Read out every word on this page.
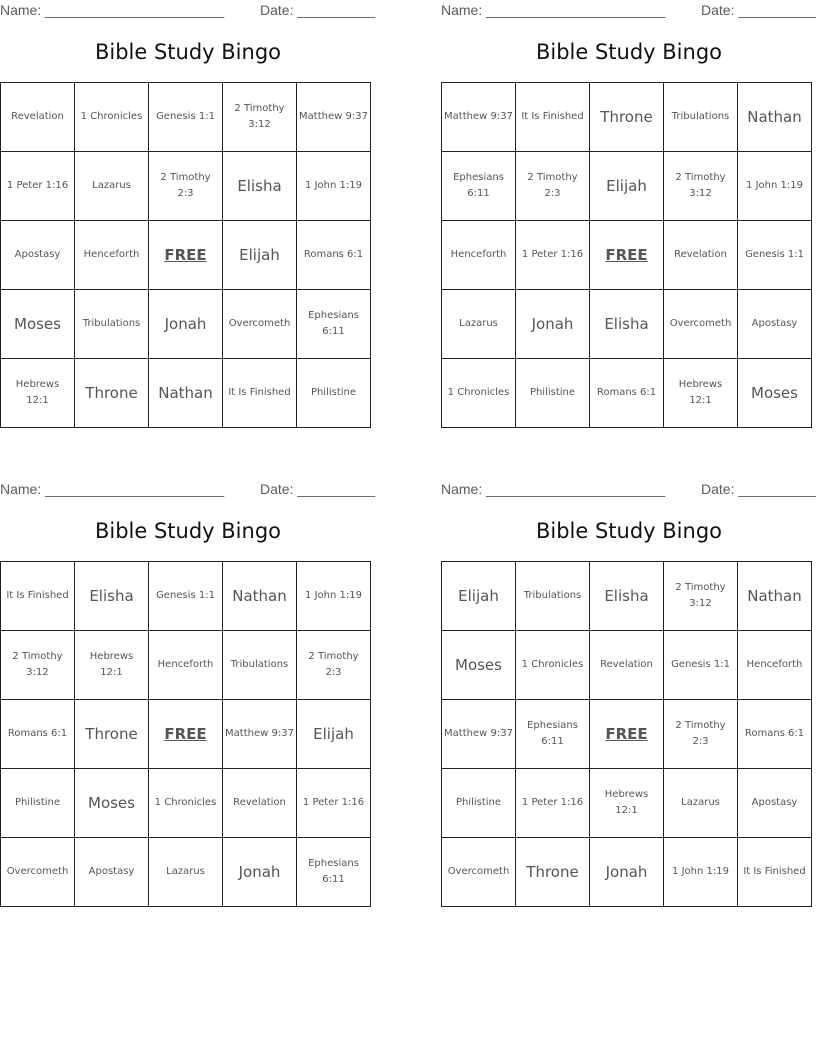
Name: _______________________	Date: __________
Bible Study Bingo
Revelation	1 Chronicles	Genesis 1:1	2 Timothy 3:12	Matthew 9:37
1 Peter 1:16	Lazarus	2 Timothy 2:3	Elisha	1 John 1:19
Apostasy	Henceforth	FREE	Elijah	Romans 6:1
Moses	Tribulations	Jonah	Overcometh	Ephesians 6:11
Hebrews 12:1	Throne	Nathan	It Is Finished	Philistine
Name: _______________________	Date: __________
Bible Study Bingo
Matthew 9:37	It Is Finished	Throne	Tribulations	Nathan
Ephesians 6:11	2 Timothy 2:3	Elijah	2 Timothy 3:12	1 John 1:19
Henceforth	1 Peter 1:16	FREE	Revelation	Genesis 1:1
Lazarus	Jonah	Elisha	Overcometh	Apostasy
1 Chronicles	Philistine	Romans 6:1	Hebrews 12:1	Moses
Name: _______________________	Date: __________
Bible Study Bingo
It Is Finished	Elisha	Genesis 1:1	Nathan	1 John 1:19
2 Timothy 3:12	Hebrews 12:1	Henceforth	Tribulations	2 Timothy 2:3
Romans 6:1	Throne	FREE	Matthew 9:37	Elijah
Philistine	Moses	1 Chronicles	Revelation	1 Peter 1:16
Overcometh	Apostasy	Lazarus	Jonah	Ephesians 6:11
Name: _______________________	Date: __________
Bible Study Bingo
Elijah	Tribulations	Elisha	2 Timothy 3:12	Nathan
Moses	1 Chronicles	Revelation	Genesis 1:1	Henceforth
Matthew 9:37	Ephesians 6:11	FREE	2 Timothy 2:3	Romans 6:1
Philistine	1 Peter 1:16	Hebrews 12:1	Lazarus	Apostasy
Overcometh	Throne	Jonah	1 John 1:19	It Is Finished
